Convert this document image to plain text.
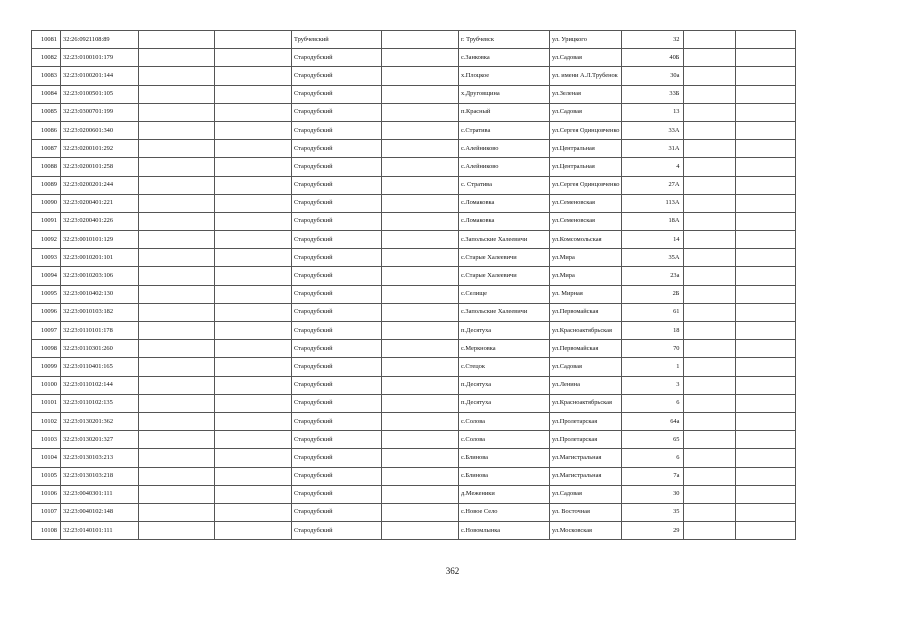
10081	32:26:0921108:89			Трубчевский		г. Трубчевск	ул. Урицкого	32		
10082	32:23:0100101:179			Стародубский		с.Занковка	ул.Садовая	40Б		
10083	32:23:0100201:144			Стародубский		х.Плоцкое	ул. имени А.Л.Трубенок	30а		
10084	32:23:0100501:105			Стародубский		х.Друговщина	ул.Зеленая	33Б		
10085	32:23:0300701:199			Стародубский		п.Красный	ул.Садовая	13		
10086	32:23:0200601:340			Стародубский		с.Стратива	ул.Сергея Одинцовченко	33А		
10087	32:23:0200101:292			Стародубский		с.Алейниково	ул.Центральная	31А		
10088	32:23:0200101:258			Стародубский		с.Алейниково	ул.Центральная	4		
10089	32:23:0200201:244			Стародубский		с. Стратива	ул.Сергея Одинцовченко	27А		
10090	32:23:0200401:221			Стародубский		с.Ломаковка	ул.Семеновская	113А		
10091	32:23:0200401:226			Стародубский		с.Ломаковка	ул.Семеновская	18А		
10092	32:23:0010101:129			Стародубский		с.Запольские Халеевичи	ул.Комсомольская	14		
10093	32:23:0010201:101			Стародубский		с.Старые Халеевичи	ул.Мира	35А		
10094	32:23:0010203:106			Стародубский		с.Старые Халеевичи	ул.Мира	23а		
10095	32:23:0010402:130			Стародубский		с.Селище	ул. Мирная	2Б		
10096	32:23:0010103:182			Стародубский		с.Запольские Халеевичи	ул.Первомайская	61		
10097	32:23:0110101:178			Стародубский		п.Десятуха	ул.Красноактябрьская	18		
10098	32:23:0110301:260			Стародубский		с.Меркновка	ул.Первомайская	70		
10099	32:23:0110401:165			Стародубский		с.Стецок	ул.Садовая	1		
10100	32:23:0110102:144			Стародубский		п.Десятуха	ул.Ленина	3		
10101	32:23:0110102:135			Стародубский		п.Десятуха	ул.Красноактябрьская	6		
10102	32:23:0130201:362			Стародубский		с.Солова	ул.Пролетарская	64а		
10103	32:23:0130201:327			Стародубский		с.Солова	ул.Пролетарская	65		
10104	32:23:0130103:213			Стародубский		с.Блинова	ул.Магистральная	6		
10105	32:23:0130103:218			Стародубский		с.Блинова	ул.Магистральная	7а		
10106	32:23:0040301:111			Стародубский		д.Меженики	ул.Садовая	30		
10107	32:23:0040102:148			Стародубский		с.Новое Село	ул. Восточная	35		
10108	32:23:0140101:111			Стародубский		с.Новомлынка	ул.Московская	29		
362
